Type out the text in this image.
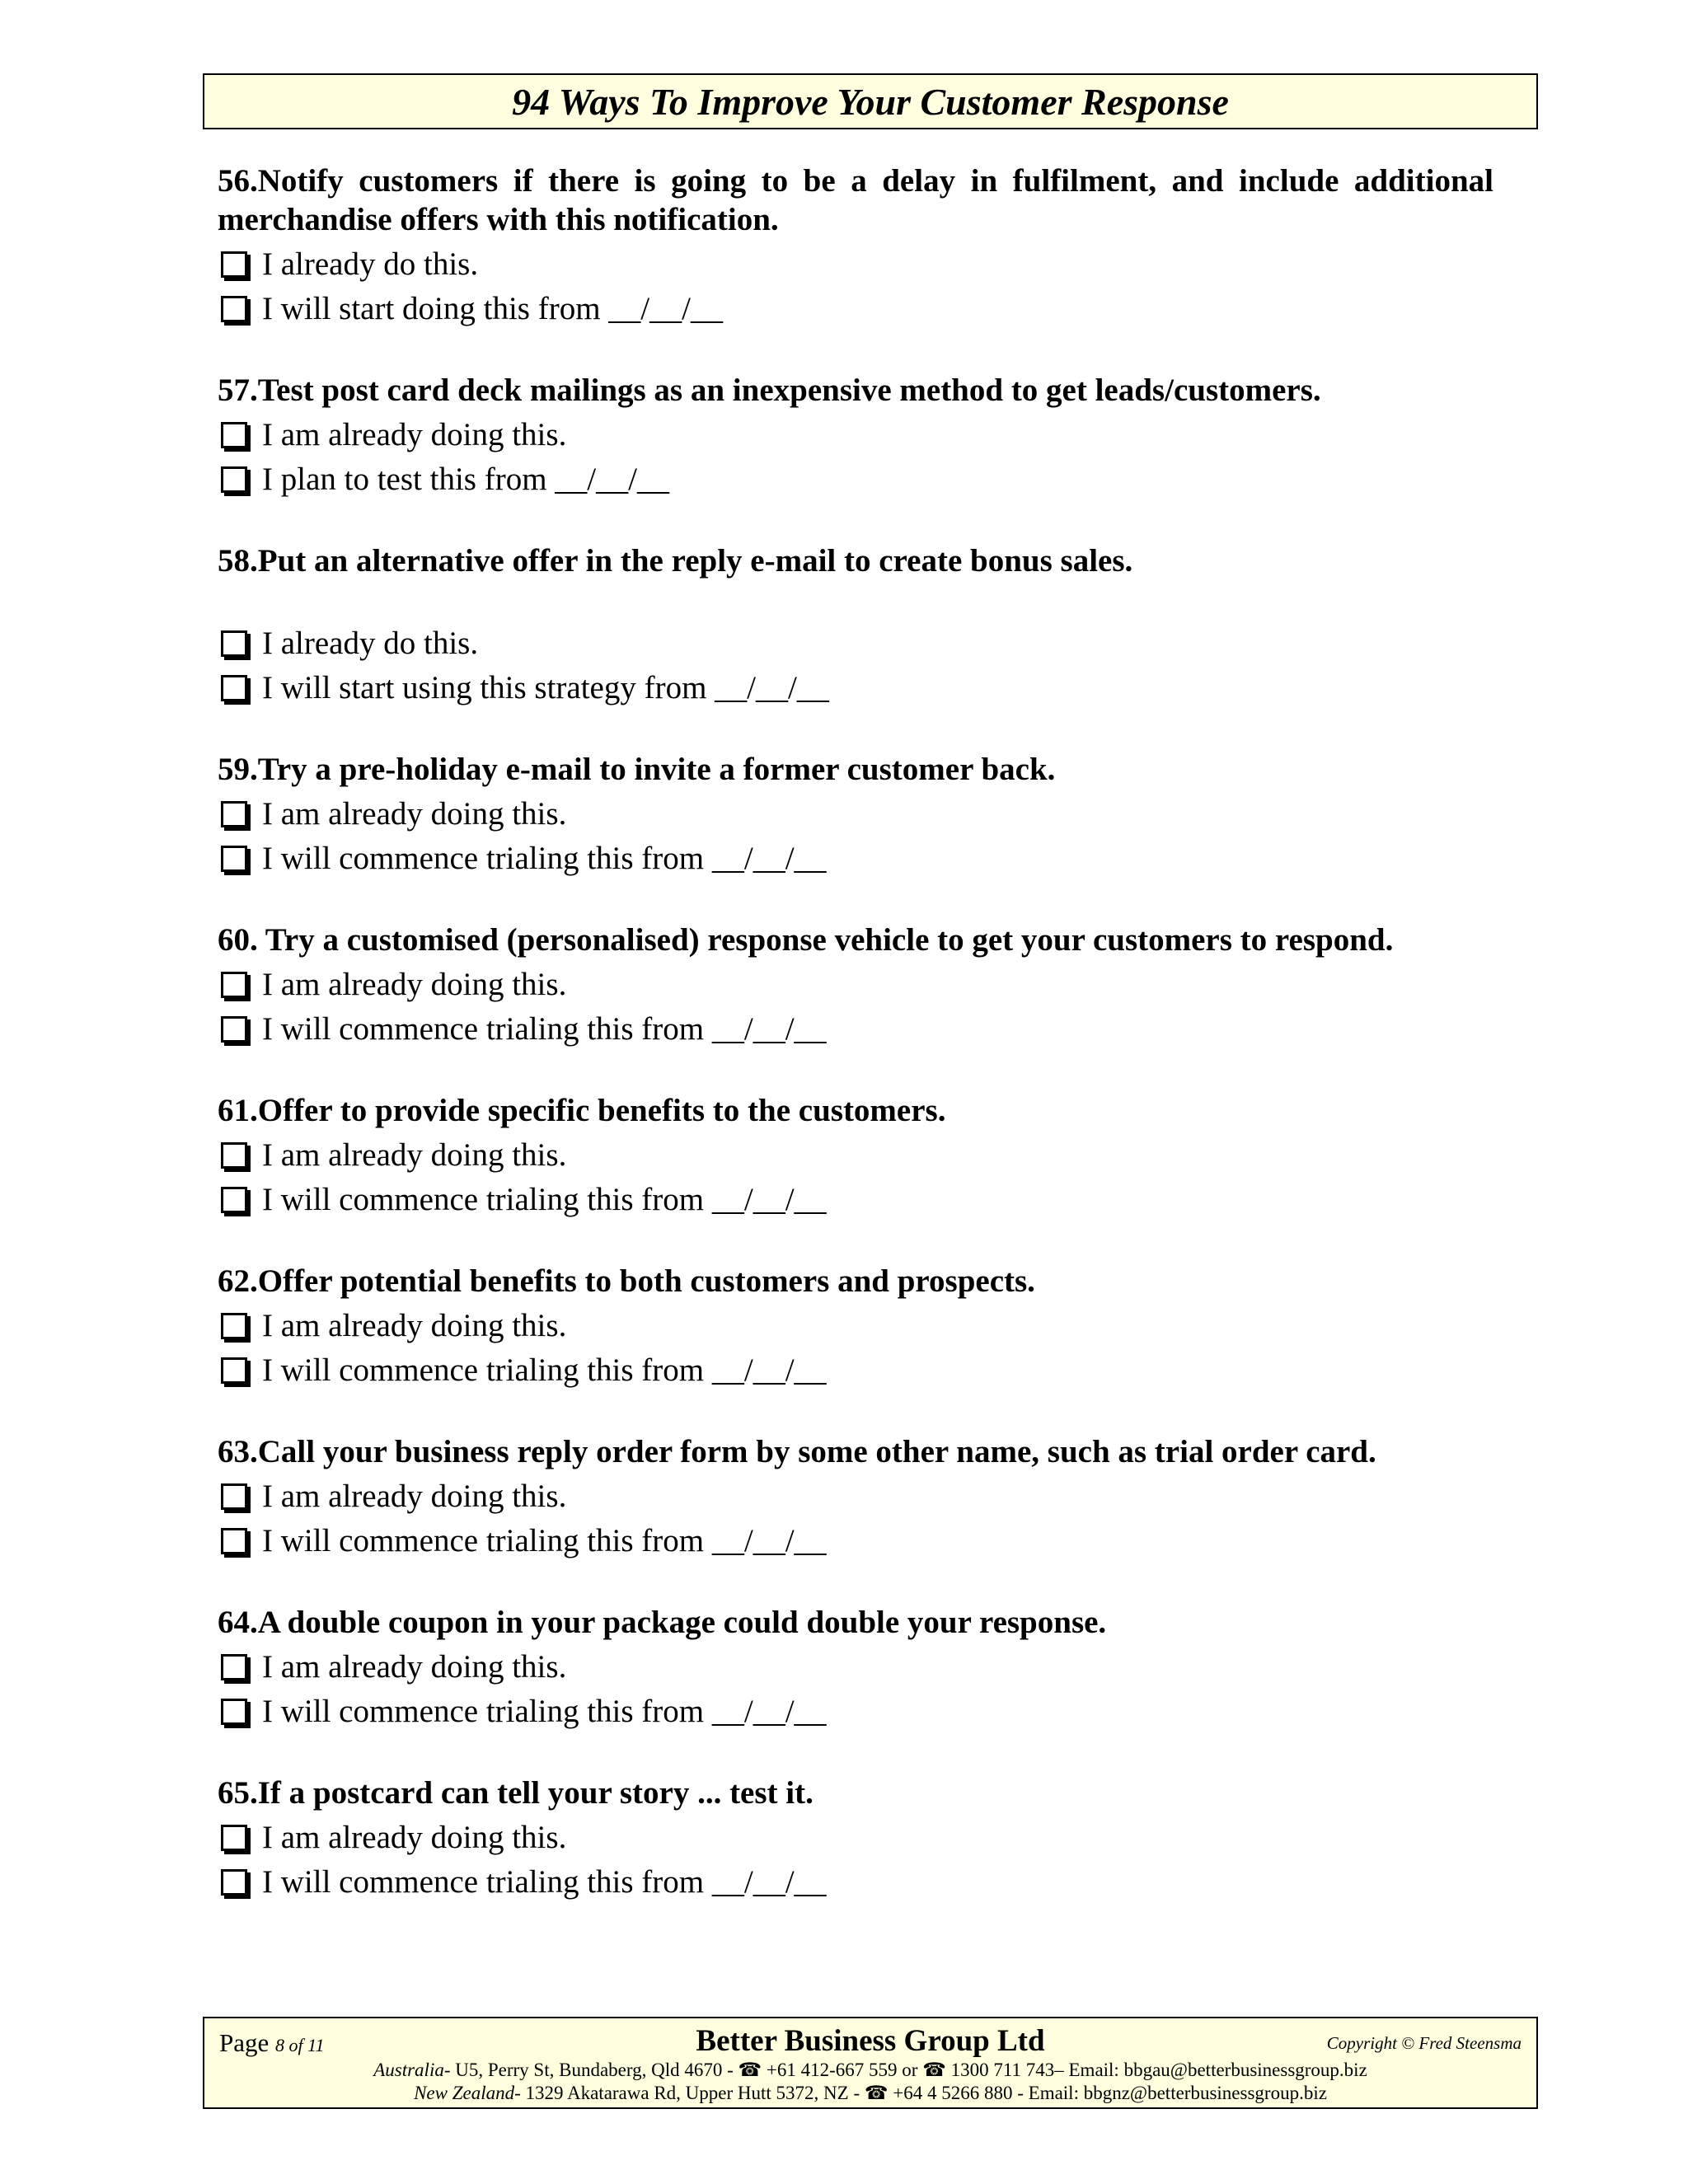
94 Ways To Improve Your Customer Response
56.Notify customers if there is going to be a delay in fulfilment, and include additional merchandise offers with this notification.
I already do this.
I will start doing this from __/__/__
57.Test post card deck mailings as an inexpensive method to get leads/customers.
I am already doing this.
I plan to test this from __/__/__
58.Put an alternative offer in the reply e-mail to create bonus sales.
I already do this.
I will start using this strategy from __/__/__
59.Try a pre-holiday e-mail to invite a former customer back.
I am already doing this.
I will commence trialing this from __/__/__
60. Try a customised (personalised) response vehicle to get your customers to respond.
I am already doing this.
I will commence trialing this from __/__/__
61.Offer to provide specific benefits to the customers.
I am already doing this.
I will commence trialing this from __/__/__
62.Offer potential benefits to both customers and prospects.
I am already doing this.
I will commence trialing this from __/__/__
63.Call your business reply order form by some other name, such as trial order card.
I am already doing this.
I will commence trialing this from __/__/__
64.A double coupon in your package could double your response.
I am already doing this.
I will commence trialing this from __/__/__
65.If a postcard can tell your story ... test it.
I am already doing this.
I will commence trialing this from __/__/__
Page 8 of 11	Better Business Group Ltd	Copyright © Fred Steensma
Australia- U5, Perry St, Bundaberg, Qld 4670 - ☎ +61 412-667 559 or ☎ 1300 711 743– Email: bbgau@betterbusinessgroup.biz
New Zealand- 1329 Akatarawa Rd, Upper Hutt 5372, NZ - ☎ +64 4 5266 880 - Email: bbgnz@betterbusinessgroup.biz
